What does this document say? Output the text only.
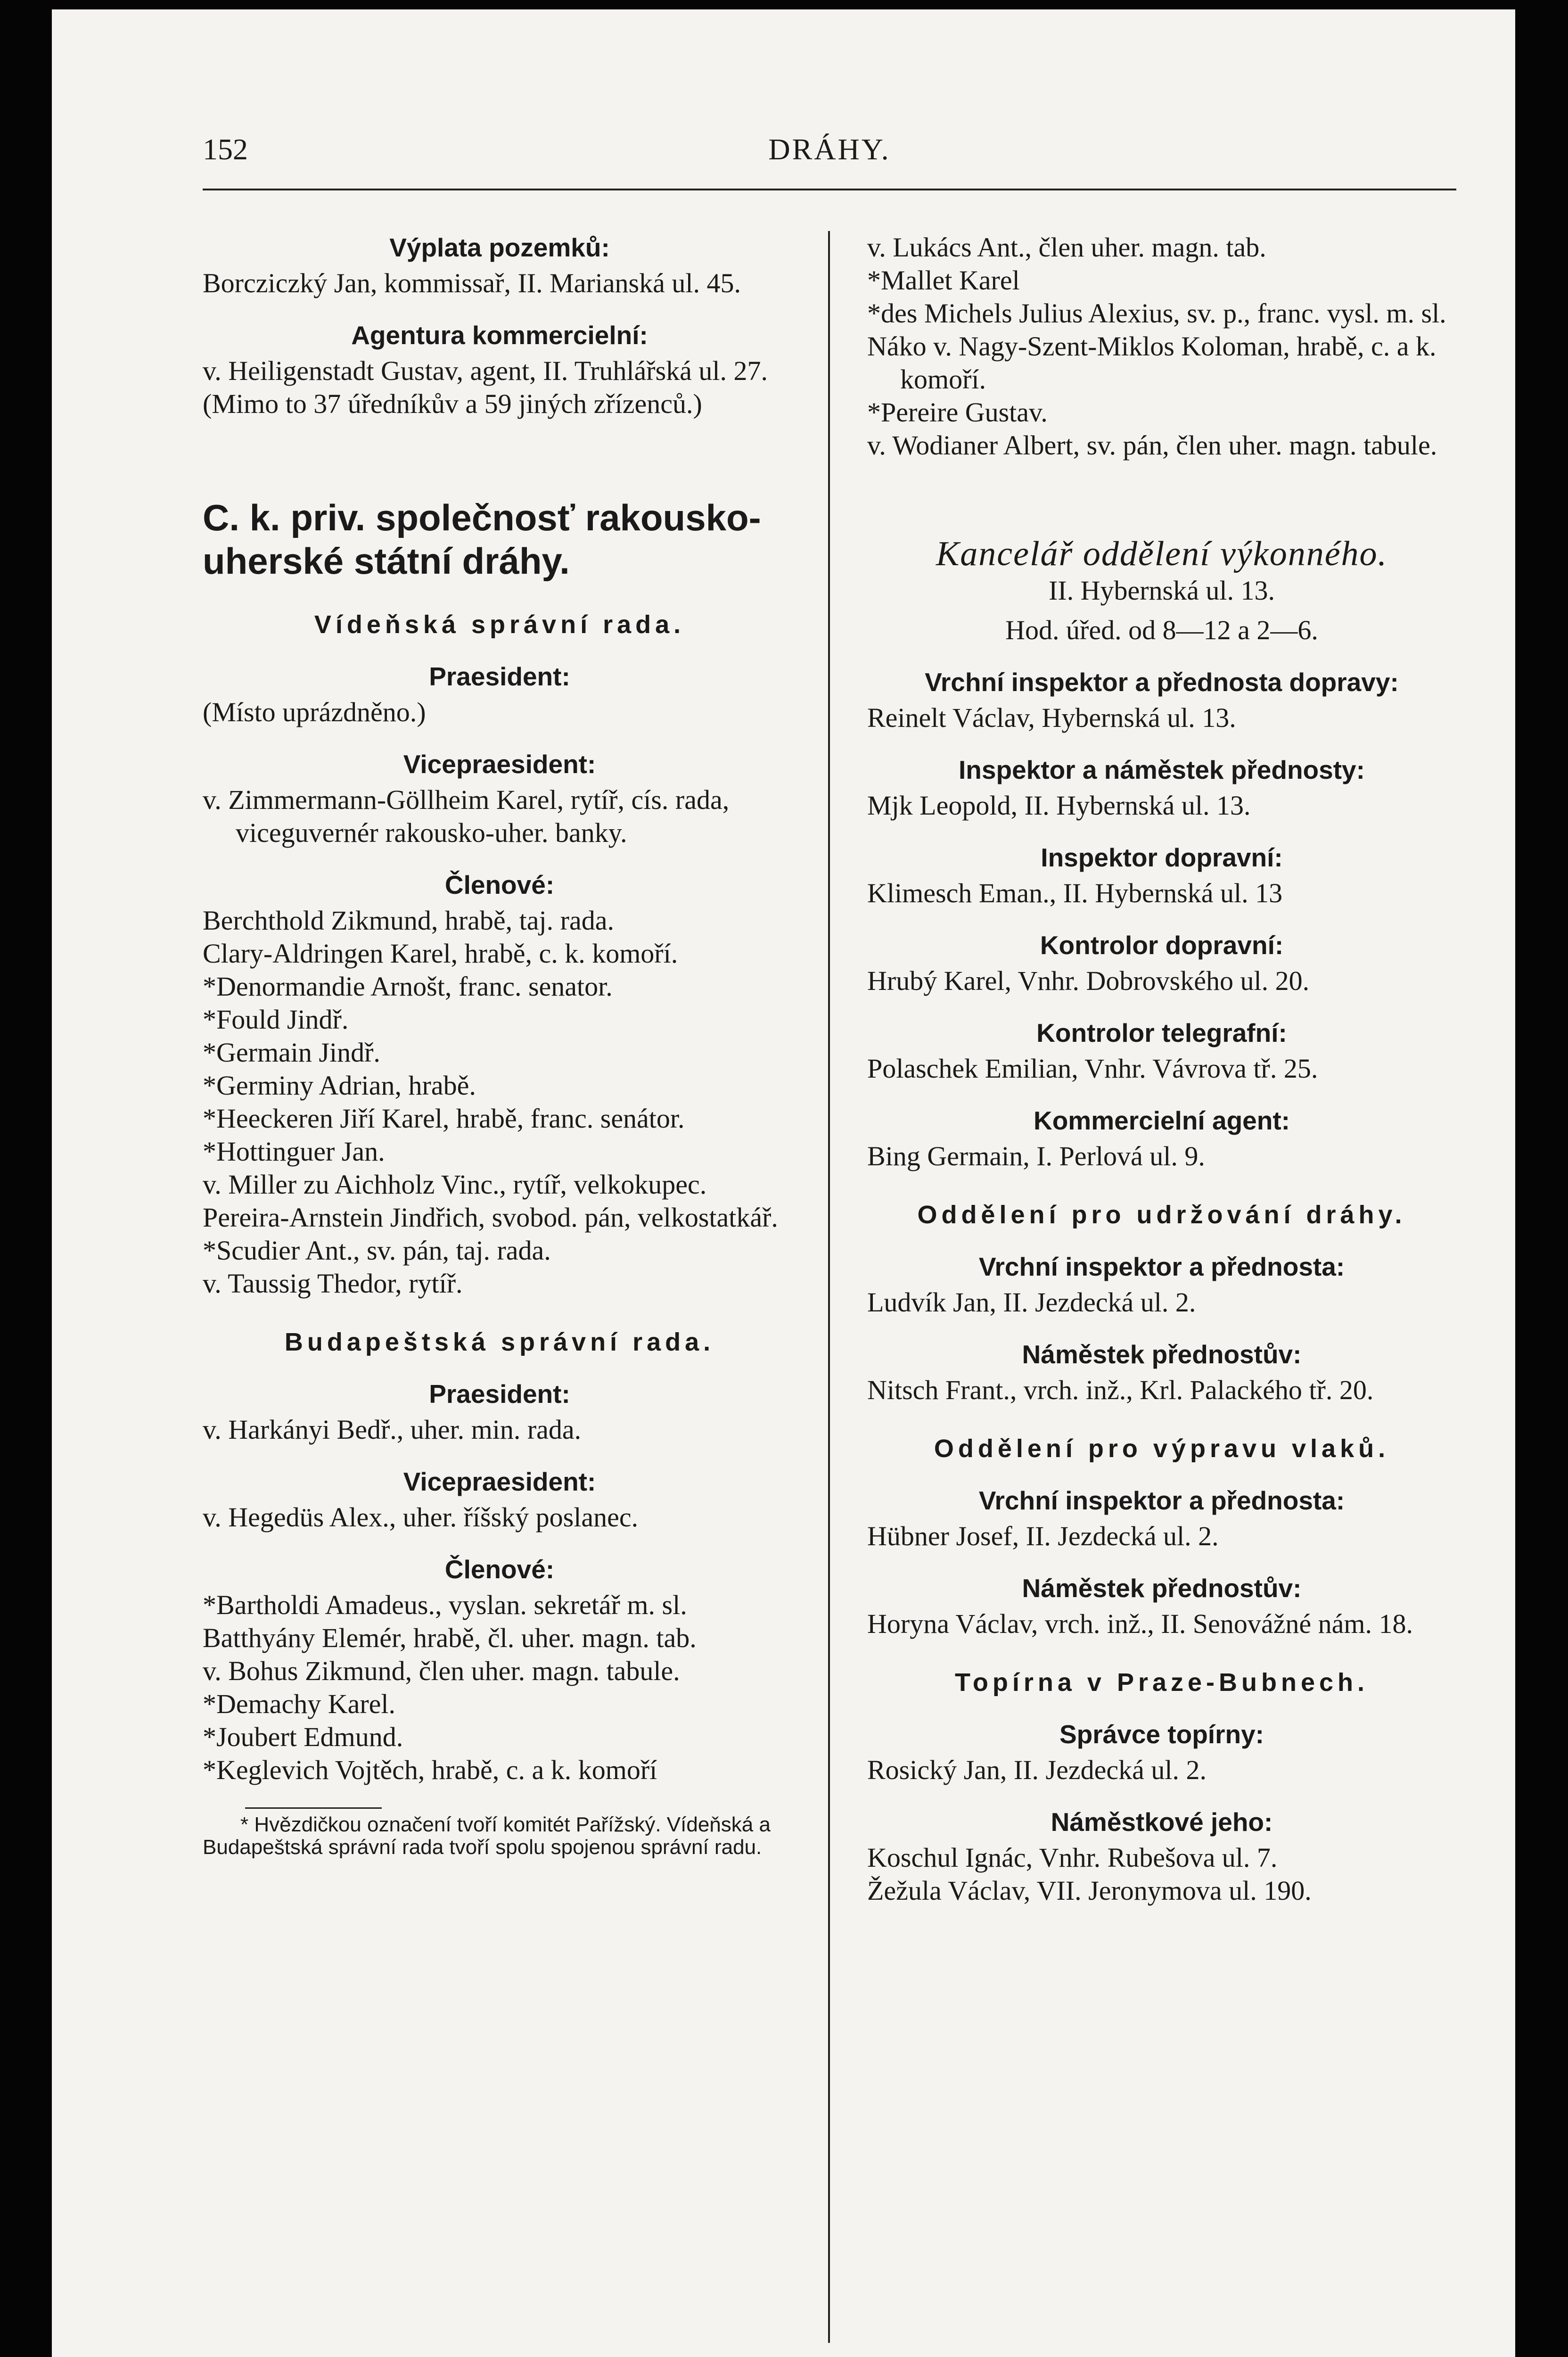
152	DRÁHY.
Výplata pozemků:
Borcziczký Jan, kommissař, II. Marianská ul. 45.
Agentura kommercielní:
v. Heiligenstadt Gustav, agent, II. Truhlářská ul. 27.
(Mimo to 37 úředníkův a 59 jiných zřízenců.)
C. k. priv. společnosť rakousko-uherské státní dráhy.
Vídeňská správní rada.
Praesident:
(Místo uprázdněno.)
Vicepraesident:
v. Zimmermann-Göllheim Karel, rytíř, cís. rada, viceguvernér rakousko-uher. banky.
Členové:
Berchthold Zikmund, hrabě, taj. rada.
Clary-Aldringen Karel, hrabě, c. k. komoří.
*Denormandie Arnošt, franc. senator.
*Fould Jindř.
*Germain Jindř.
*Germiny Adrian, hrabě.
*Heeckeren Jiří Karel, hrabě, franc. senátor.
*Hottinguer Jan.
v. Miller zu Aichholz Vinc., rytíř, velkokupec.
Pereira-Arnstein Jindřich, svobod. pán, velkostatkář.
*Scudier Ant., sv. pán, taj. rada.
v. Taussig Thedor, rytíř.
Budapeštská správní rada.
Praesident:
v. Harkányi Bedř., uher. min. rada.
Vicepraesident:
v. Hegedüs Alex., uher. říšský poslanec.
Členové:
*Bartholdi Amadeus., vyslan. sekretář m. sl.
Batthyány Elemér, hrabě, čl. uher. magn. tab.
v. Bohus Zikmund, člen uher. magn. tabule.
*Demachy Karel.
*Joubert Edmund.
*Keglevich Vojtěch, hrabě, c. a k. komoří
* Hvězdičkou označení tvoří komitét Pařížský. Vídeňská a Budapeštská správní rada tvoří spolu spojenou správní radu.
v. Lukács Ant., člen uher. magn. tab.
*Mallet Karel
*des Michels Julius Alexius, sv. p., franc. vysl. m. sl.
Náko v. Nagy-Szent-Miklos Koloman, hrabě, c. a k. komoří.
*Pereire Gustav.
v. Wodianer Albert, sv. pán, člen uher. magn. tabule.
Kancelář oddělení výkonného.
II. Hybernská ul. 13.
Hod. úřed. od 8—12 a 2—6.
Vrchní inspektor a přednosta dopravy:
Reinelt Václav, Hybernská ul. 13.
Inspektor a náměstek přednosty:
Mjk Leopold, II. Hybernská ul. 13.
Inspektor dopravní:
Klimesch Eman., II. Hybernská ul. 13
Kontrolor dopravní:
Hrubý Karel, Vnhr. Dobrovského ul. 20.
Kontrolor telegrafní:
Polaschek Emilian, Vnhr. Vávrova tř. 25.
Kommercielní agent:
Bing Germain, I. Perlová ul. 9.
Oddělení pro udržování dráhy.
Vrchní inspektor a přednosta:
Ludvík Jan, II. Jezdecká ul. 2.
Náměstek přednostův:
Nitsch Frant., vrch. inž., Krl. Palackého tř. 20.
Oddělení pro výpravu vlaků.
Vrchní inspektor a přednosta:
Hübner Josef, II. Jezdecká ul. 2.
Náměstek přednostův:
Horyna Václav, vrch. inž., II. Senovážné nám. 18.
Topírna v Praze-Bubnech.
Správce topírny:
Rosický Jan, II. Jezdecká ul. 2.
Náměstkové jeho:
Koschul Ignác, Vnhr. Rubešova ul. 7.
Žežula Václav, VII. Jeronymova ul. 190.
